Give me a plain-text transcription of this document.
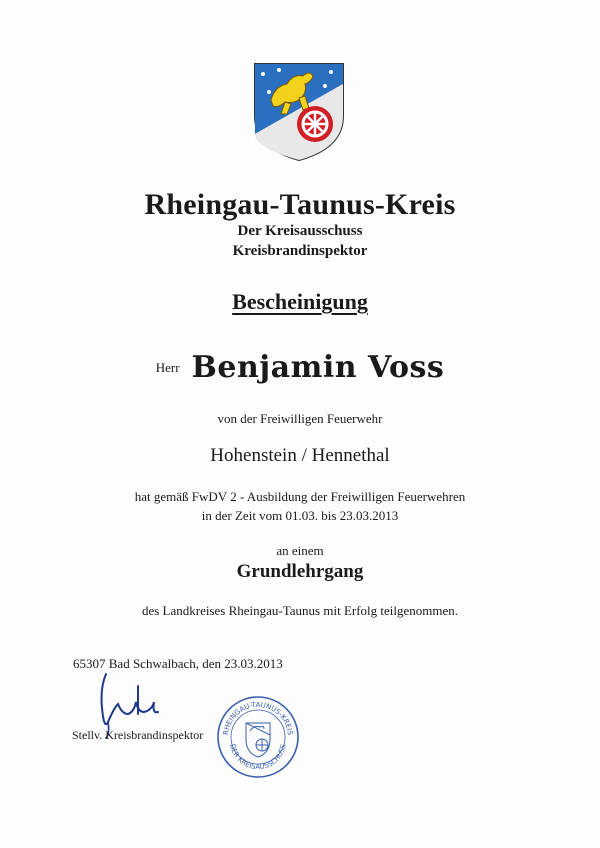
Rheingau-Taunus-Kreis
Der Kreisausschuss
Kreisbrandinspektor
Bescheinigung
Herr Benjamin Voss
von der Freiwilligen Feuerwehr
Hohenstein / Hennethal
hat gemäß FwDV 2 - Ausbildung der Freiwilligen Feuerwehren
in der Zeit vom 01.03. bis 23.03.2013
an einem
Grundlehrgang
des Landkreises Rheingau-Taunus mit Erfolg teilgenommen.
65307 Bad Schwalbach, den 23.03.2013
Stellv. Kreisbrandinspektor	RHEINGAU-TAUNUS-KREIS
DER KREISAUSSCHUSS
